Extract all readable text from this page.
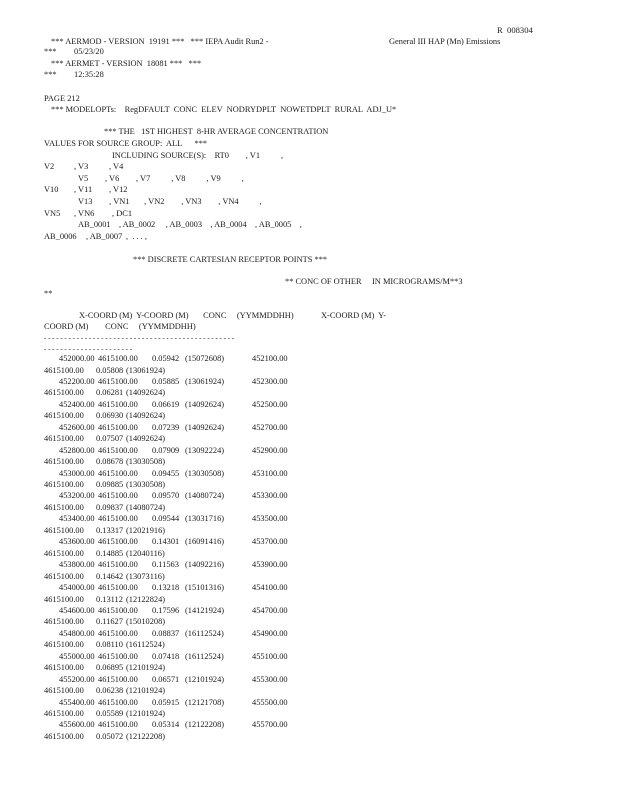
R  008304
*** AERMOD - VERSION  19191 ***   *** IEPA Audit Run2 -	General III HAP (Mn) Emissions
*** 05/23/20
*** AERMET - VERSION  18081 ***   ***
*** 12:35:28
PAGE 212
*** MODELOPTs:    RegDFAULT  CONC  ELEV  NODRYDPLT  NOWETDPLT  RURAL  ADJ_U*
*** THE   1ST HIGHEST  8-HR AVERAGE CONCENTRATION
VALUES FOR SOURCE GROUP:  ALL      ***
INCLUDING SOURCE(S):    RT0        , V1          ,
V2 , V3 , V4
V5        , V6        , V7          , V8          , V9          ,
V10 , V11 , V12
V13        , VN1       , VN2        , VN3        , VN4          ,
VN5 , VN6 , DC1
AB_0001    , AB_0002     , AB_0003    , AB_0004    , AB_0005    ,
AB_0006 , AB_0007 ,  . . . ,
*** DISCRETE CARTESIAN RECEPTOR POINTS ***
** CONC OF OTHER     IN MICROGRAMS/M**3
**
X-COORD (M)  Y-COORD (M)       CONC     (YYMMDDHH)	X-COORD (M)  Y-
COORD (M)        CONC     (YYMMDDHH)
- - - - - - - - - - - - - - - - - - - - - - - - - - - - - - - - - - - - - - - - - - - - - - -
- - - - - - - - - - - - - - - - - - - - - -
452000.00 4615100.00 0.05942 (15072608)	452100.00
4615100.00 0.05808 (13061924)
452200.00 4615100.00 0.05885 (13061924)	452300.00
4615100.00 0.06281 (14092624)
452400.00 4615100.00 0.06619 (14092624)	452500.00
4615100.00 0.06930 (14092624)
452600.00 4615100.00 0.07239 (14092624)	452700.00
4615100.00 0.07507 (14092624)
452800.00 4615100.00 0.07909 (13092224)	452900.00
4615100.00 0.08678 (13030508)
453000.00 4615100.00 0.09455 (13030508)	453100.00
4615100.00 0.09885 (13030508)
453200.00 4615100.00 0.09570 (14080724)	453300.00
4615100.00 0.09837 (14080724)
453400.00 4615100.00 0.09544 (13031716)	453500.00
4615100.00 0.13317 (12021916)
453600.00 4615100.00 0.14301 (16091416)	453700.00
4615100.00 0.14885 (12040116)
453800.00 4615100.00 0.11563 (14092216)	453900.00
4615100.00 0.14642 (13073116)
454000.00 4615100.00 0.13218 (15101316)	454100.00
4615100.00 0.13112 (12122824)
454600.00 4615100.00 0.17596 (14121924)	454700.00
4615100.00 0.11627 (15010208)
454800.00 4615100.00 0.08837 (16112524)	454900.00
4615100.00 0.08110 (16112524)
455000.00 4615100.00 0.07418 (16112524)	455100.00
4615100.00 0.06895 (12101924)
455200.00 4615100.00 0.06571 (12101924)	455300.00
4615100.00 0.06238 (12101924)
455400.00 4615100.00 0.05915 (12121708)	455500.00
4615100.00 0.05589 (12101924)
455600.00 4615100.00 0.05314 (12122208)	455700.00
4615100.00 0.05072 (12122208)
